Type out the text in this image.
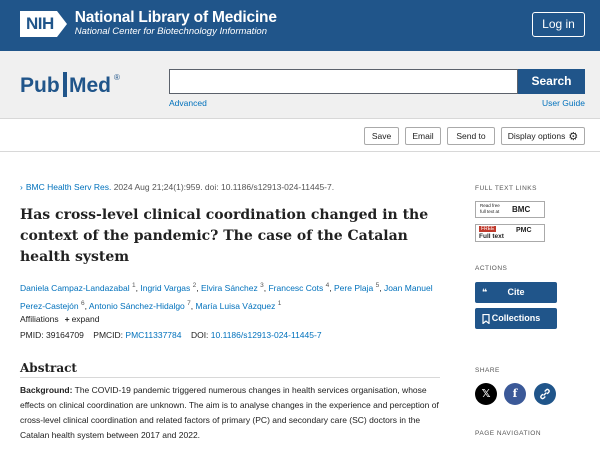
NIH National Library of Medicine
National Center for Biotechnology Information
Log in
Pub Med ®	Search
Advanced	User Guide
Save	Email	Send to	Display options ⚙
› BMC Health Serv Res. 2024 Aug 21;24(1):959. doi: 10.1186/s12913-024-11445-7.
Has cross-level clinical coordination changed in the context of the pandemic? The case of the Catalan health system
Daniela Campaz-Landazabal $^1$, Ingrid Vargas $^2$, Elvira Sánchez $^3$, Francesc Cots $^4$, Pere Plaja $^5$, Joan Manuel Perez-Castejón $^6$, Antonio Sánchez-Hidalgo $^7$, María Luisa Vázquez $^1$
Affiliations + expand
PMID: 39164709 PMCID: PMC11337784 DOI: 10.1186/s12913-024-11445-7
Abstract
Background: The COVID-19 pandemic triggered numerous changes in health services organisation, whose effects on clinical coordination are unknown. The aim is to analyse changes in the experience and perception of cross-level clinical coordination and related factors of primary (PC) and secondary care (SC) doctors in the Catalan health system between 2017 and 2022.
FULL TEXT LINKS
Read free
full text at BMC
FREE
Full text
PMC
ACTIONS
❝	Cite
Collections
SHARE
𝕏	f
PAGE NAVIGATION
